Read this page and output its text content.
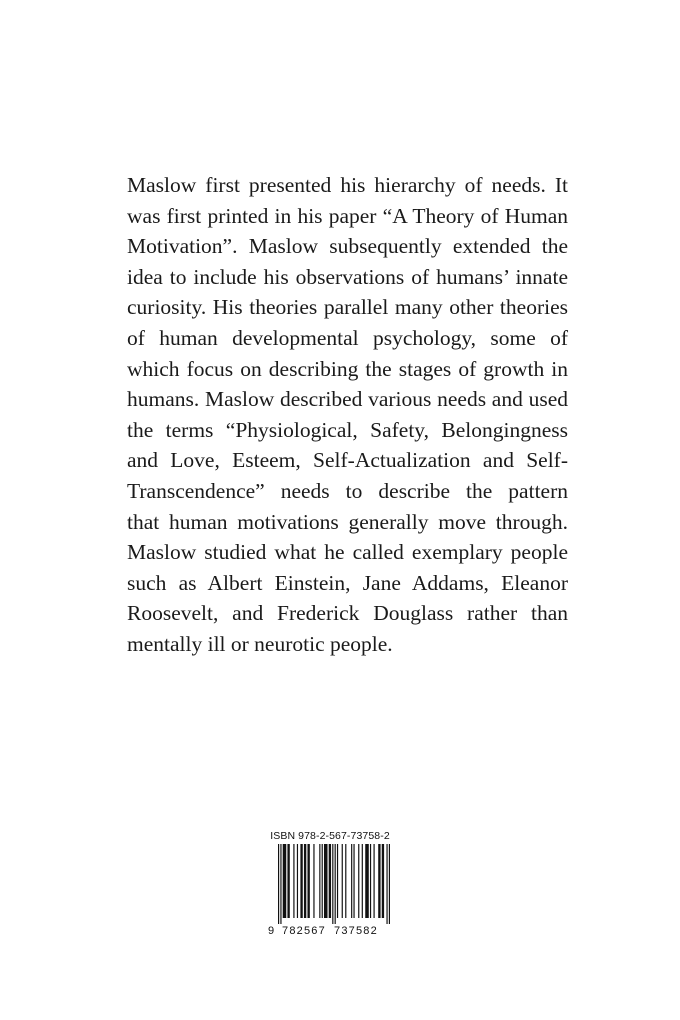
Maslow first presented his hierarchy of needs. It
was first printed in his paper “A Theory of Human
Motivation”. Maslow subsequently extended the
idea to include his observations of humans’ innate
curiosity. His theories parallel many other theories
of human developmental psychology, some of
which focus on describing the stages of growth in
humans. Maslow described various needs and used
the terms “Physiological, Safety, Belongingness
and Love, Esteem, Self-Actualization and Self-
Transcendence” needs to describe the pattern
that human motivations generally move through.
Maslow studied what he called exemplary people
such as Albert Einstein, Jane Addams, Eleanor
Roosevelt, and Frederick Douglass rather than
mentally ill or neurotic people.
ISBN 978-2-567-73758-2
9 782567 737582
